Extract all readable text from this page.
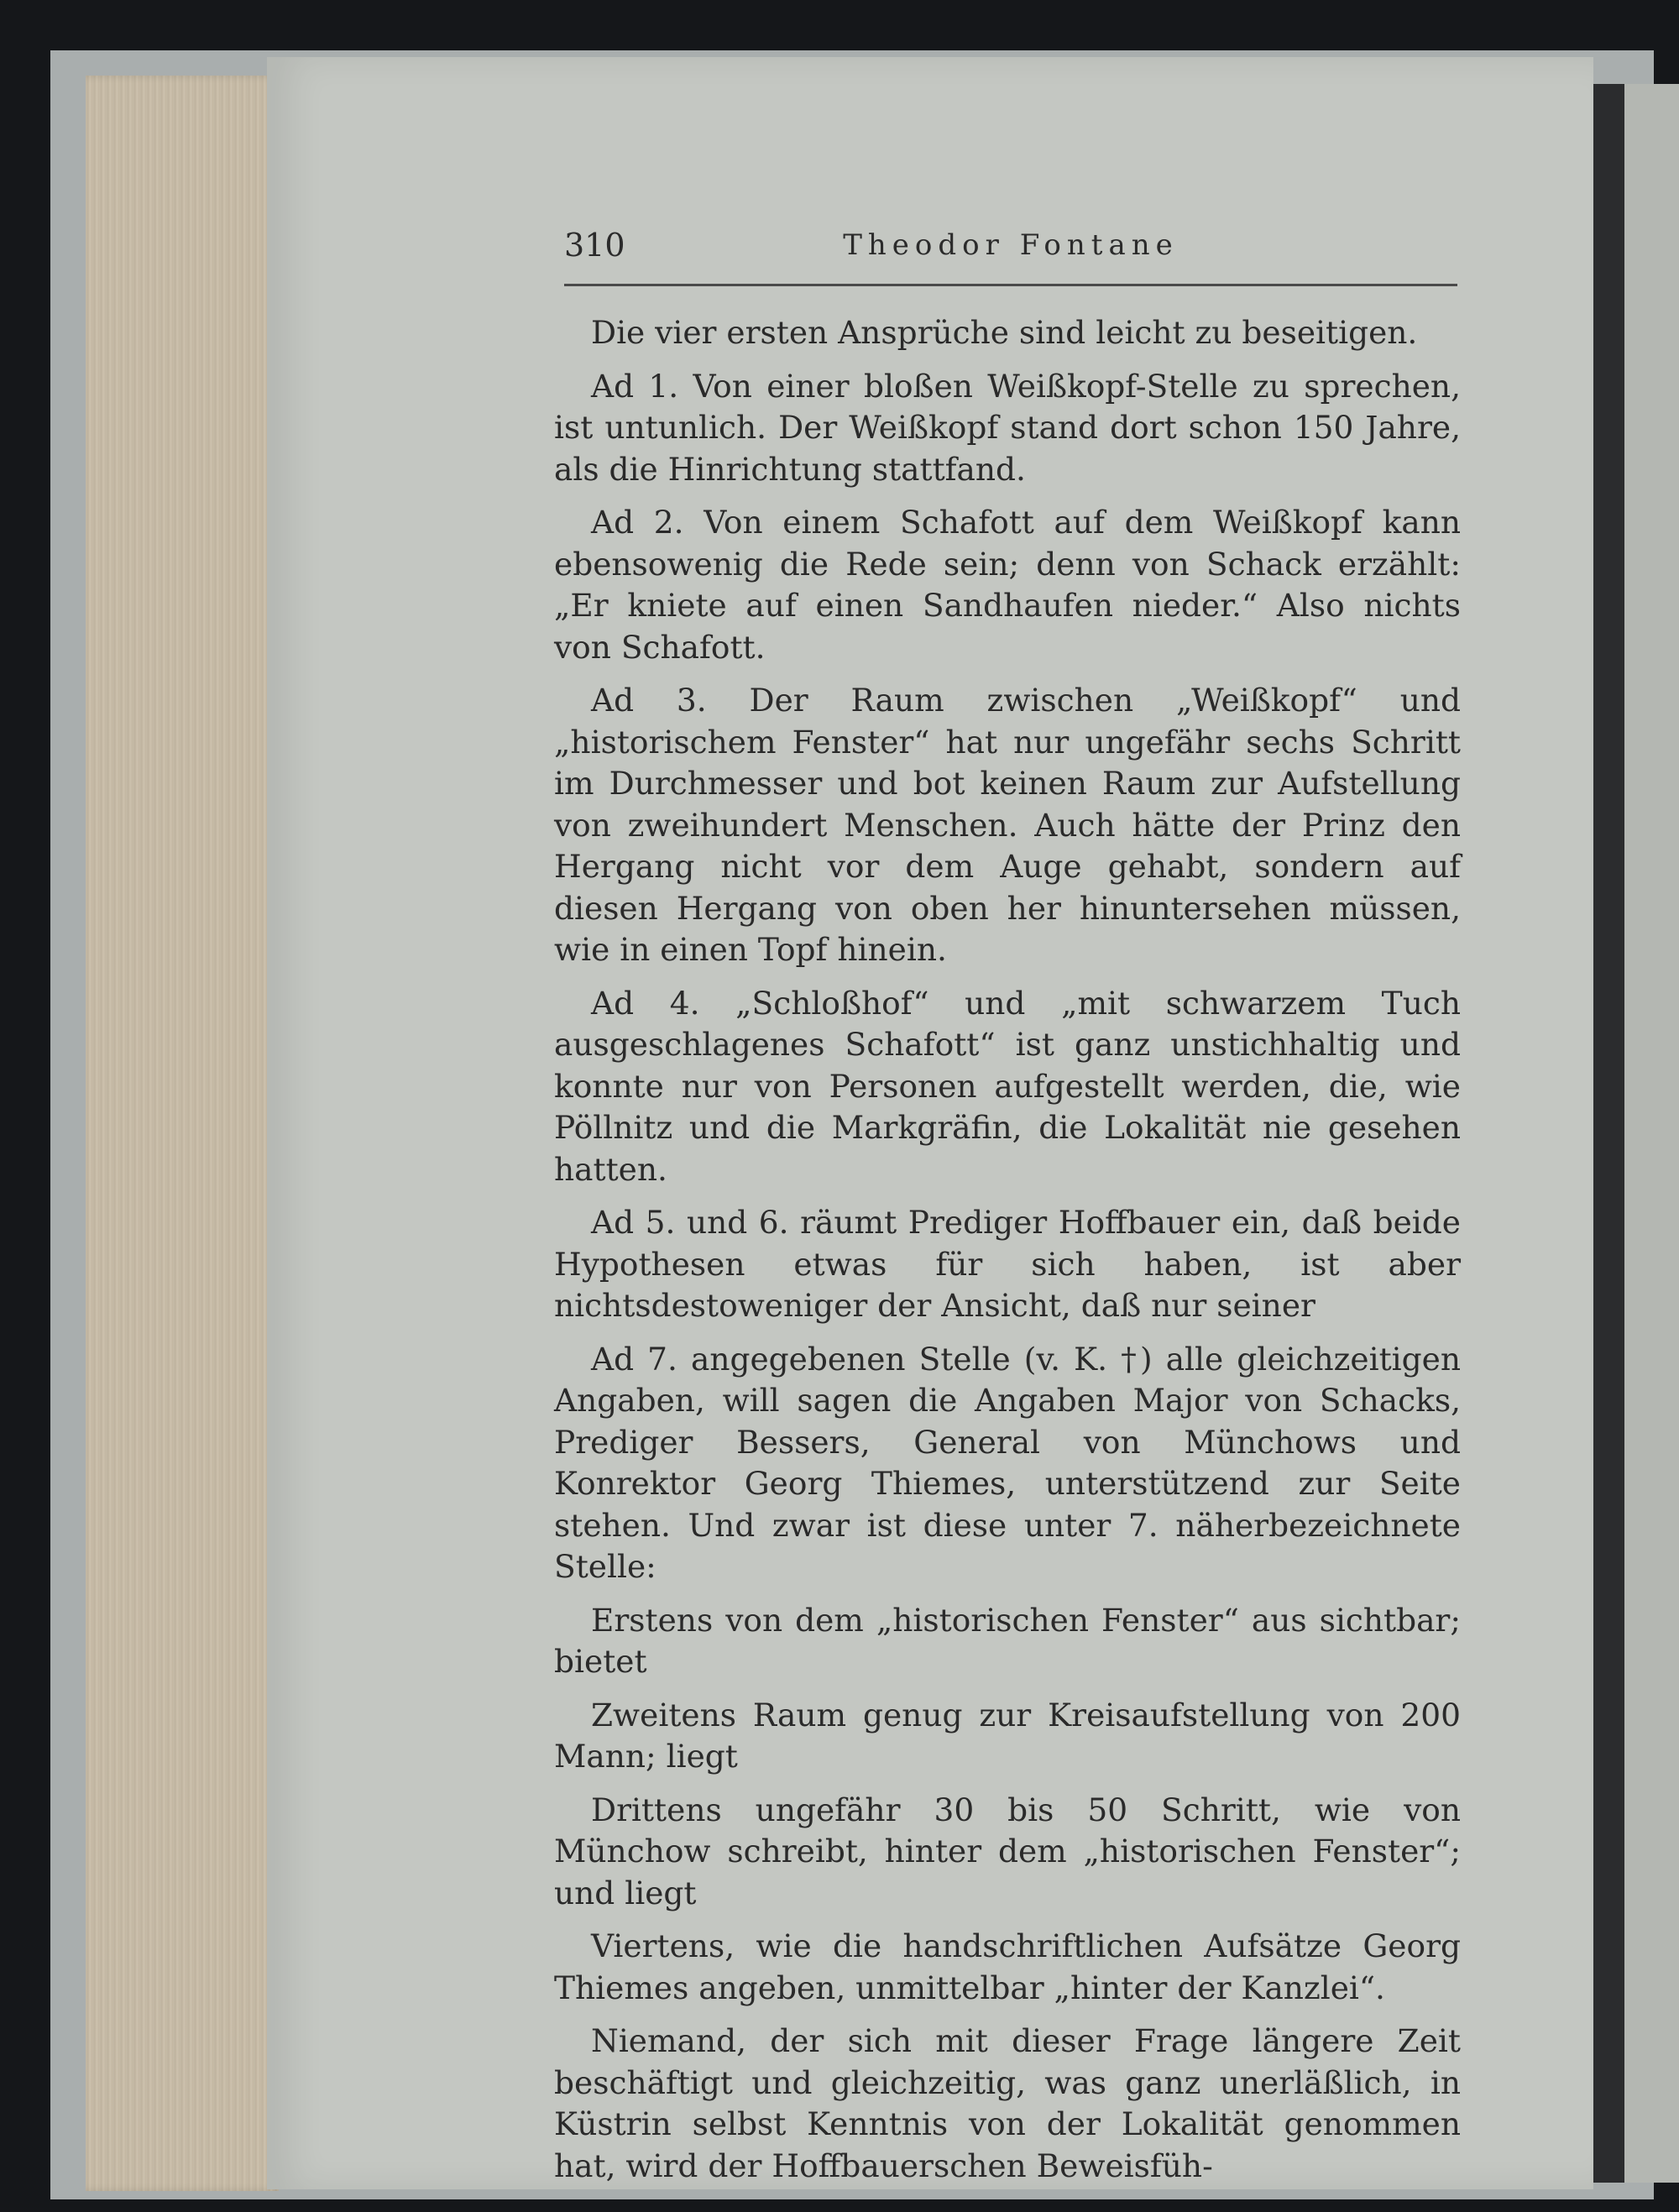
310	Theodor Fontane

Die vier ersten Ansprüche sind leicht zu beseitigen.

Ad 1. Von einer bloßen Weißkopf-Stelle zu sprechen, ist untunlich. Der Weißkopf stand dort schon 150 Jahre, als die Hinrichtung stattfand.

Ad 2. Von einem Schafott auf dem Weißkopf kann ebensowenig die Rede sein; denn von Schack erzählt: „Er kniete auf einen Sandhaufen nieder.“ Also nichts von Schafott.

Ad 3. Der Raum zwischen „Weißkopf“ und „historischem Fenster“ hat nur ungefähr sechs Schritt im Durchmesser und bot keinen Raum zur Aufstellung von zweihundert Menschen. Auch hätte der Prinz den Hergang nicht vor dem Auge gehabt, sondern auf diesen Hergang von oben her hinuntersehen müssen, wie in einen Topf hinein.

Ad 4. „Schloßhof“ und „mit schwarzem Tuch ausgeschlagenes Schafott“ ist ganz unstichhaltig und konnte nur von Personen aufgestellt werden, die, wie Pöllnitz und die Markgräfin, die Lokalität nie gesehen hatten.

Ad 5. und 6. räumt Prediger Hoffbauer ein, daß beide Hypothesen etwas für sich haben, ist aber nichtsdestoweniger der Ansicht, daß nur seiner

Ad 7. angegebenen Stelle (v. K. †) alle gleichzeitigen Angaben, will sagen die Angaben Major von Schacks, Prediger Bessers, General von Münchows und Konrektor Georg Thiemes, unterstützend zur Seite stehen. Und zwar ist diese unter 7. näherbezeichnete Stelle:

Erstens von dem „historischen Fenster“ aus sichtbar; bietet

Zweitens Raum genug zur Kreisaufstellung von 200 Mann; liegt

Drittens ungefähr 30 bis 50 Schritt, wie von Münchow schreibt, hinter dem „historischen Fenster“; und liegt

Viertens, wie die handschriftlichen Aufsätze Georg Thiemes angeben, unmittelbar „hinter der Kanzlei“.

Niemand, der sich mit dieser Frage längere Zeit beschäftigt und gleichzeitig, was ganz unerläßlich, in Küstrin selbst Kenntnis von der Lokalität genommen hat, wird der Hoffbauerschen Beweisfüh-
